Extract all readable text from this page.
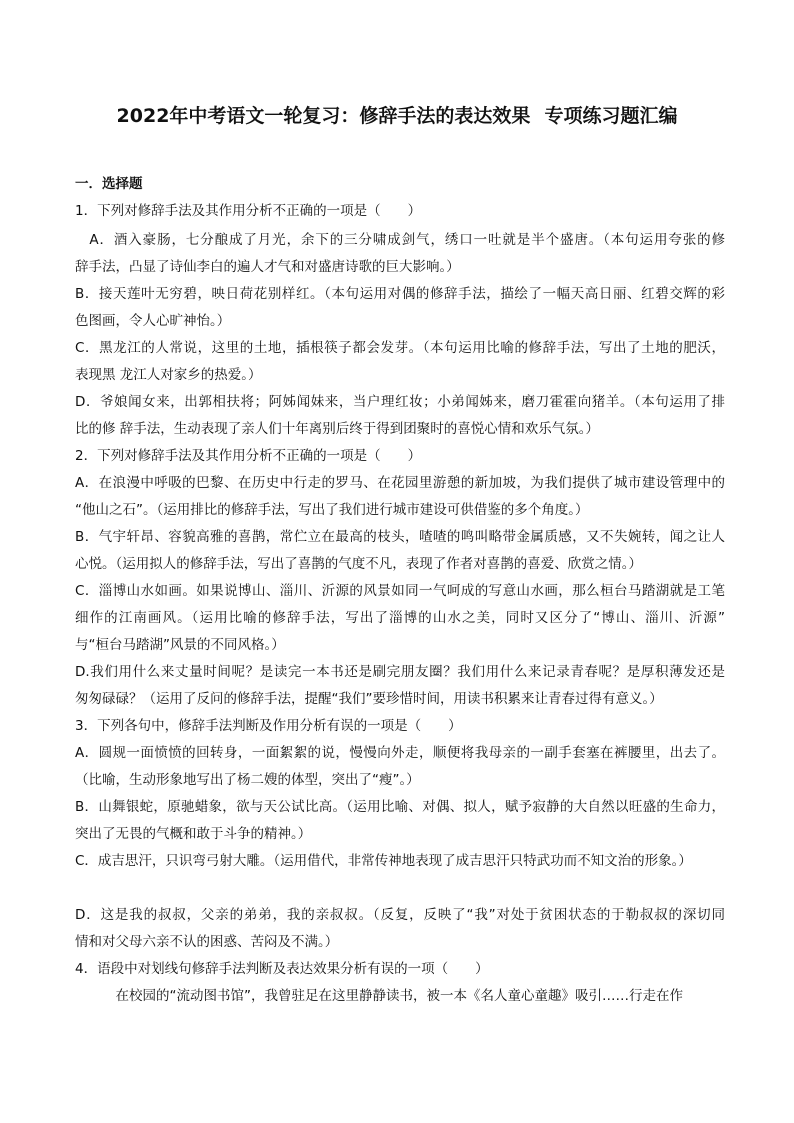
2022年中考语文一轮复习：修辞手法的表达效果 专项练习题汇编
一．选择题
1．下列对修辞手法及其作用分析不正确的一项是（　　）
　A．酒入豪肠，七分酿成了月光，余下的三分啸成剑气，绣口一吐就是半个盛唐。（本句运用夸张的修
辞手法，凸显了诗仙李白的遍人才气和对盛唐诗歌的巨大影响。）
B．接天莲叶无穷碧，映日荷花别样红。（本句运用对偶的修辞手法，描绘了一幅天高日丽、红碧交辉的彩
色图画，令人心旷神怡。）
C．黑龙江的人常说，这里的土地，插根筷子都会发芽。（本句运用比喻的修辞手法，写出了土地的肥沃，
表现黑 龙江人对家乡的热爱。）
D．爷娘闻女来，出郭相扶将；阿姊闻妹来，当户理红妆；小弟闻姊来，磨刀霍霍向猪羊。（本句运用了排
比的修 辞手法，生动表现了亲人们十年离别后终于得到团聚时的喜悦心情和欢乐气氛。）
2．下列对修辞手法及其作用分析不正确的一项是（　　）
A．在浪漫中呼吸的巴黎、在历史中行走的罗马、在花园里游憩的新加坡，为我们提供了城市建设管理中的
“他山之石”。（运用排比的修辞手法，写出了我们进行城市建设可供借鉴的多个角度。）
B．气宇轩昂、容貌高雅的喜鹊，常伫立在最高的枝头，喳喳的鸣叫略带金属质感，又不失婉转，闻之让人
心悦。（运用拟人的修辞手法，写出了喜鹊的气度不凡，表现了作者对喜鹊的喜爱、欣赏之情。）
C．淄博山水如画。如果说博山、淄川、沂源的风景如同一气呵成的写意山水画，那么桓台马踏湖就是工笔
细作的江南画风。（运用比喻的修辞手法，写出了淄博的山水之美，同时又区分了“博山、淄川、沂源”
与“桓台马踏湖”风景的不同风格。）
D.我们用什么来丈量时间呢？是读完一本书还是刷完朋友圈？我们用什么来记录青春呢？是厚积薄发还是
匆匆碌碌？（运用了反问的修辞手法，提醒“我们”要珍惜时间，用读书积累来让青春过得有意义。）
3．下列各句中，修辞手法判断及作用分析有误的一项是（　　）
A．圆规一面愤愤的回转身，一面絮絮的说，慢慢向外走，顺便将我母亲的一副手套塞在裤腰里，出去了。
（比喻，生动形象地写出了杨二嫂的体型，突出了“瘦”。）
B．山舞银蛇，原驰蜡象，欲与天公试比高。（运用比喻、对偶、拟人，赋予寂静的大自然以旺盛的生命力，
突出了无畏的气概和敢于斗争的精神。）
C．成吉思汗，只识弯弓射大雕。（运用借代，非常传神地表现了成吉思汗只特武功而不知文治的形象。）
D．这是我的叔叔，父亲的弟弟，我的亲叔叔。（反复，反映了“我”对处于贫困状态的于勒叔叔的深切同
情和对父母六亲不认的困惑、苦闷及不满。）
4．语段中对划线句修辞手法判断及表达效果分析有误的一项（　　）
　　　在校园的“流动图书馆”，我曾驻足在这里静静读书，被一本《名人童心童趣》吸引……行走在作
